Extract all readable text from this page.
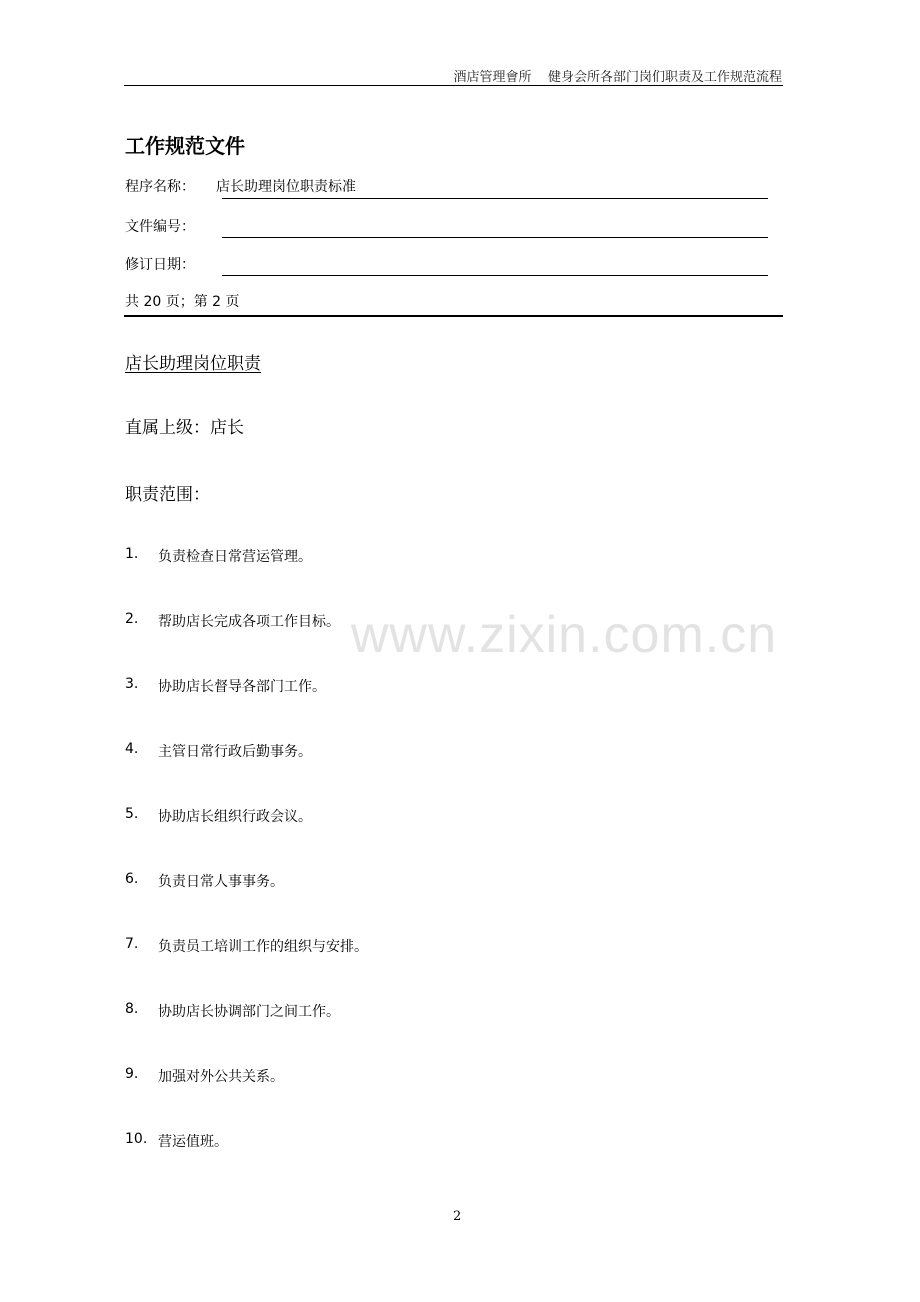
酒店管理會所 健身会所各部门岗们职责及工作规范流程
工作规范文件
程序名称： 店长助理岗位职责标准
文件编号：
修订日期：
共 20 页；第 2 页
店长助理岗位职责
直属上级：店长
职责范围：
1. 负责检查日常营运管理。
2. 帮助店长完成各项工作目标。
3. 协助店长督导各部门工作。
4. 主管日常行政后勤事务。
5. 协助店长组织行政会议。
6. 负责日常人事事务。
7. 负责员工培训工作的组织与安排。
8. 协助店长协调部门之间工作。
9. 加强对外公共关系。
10. 营运值班。
www.zixin.com.cn
2
